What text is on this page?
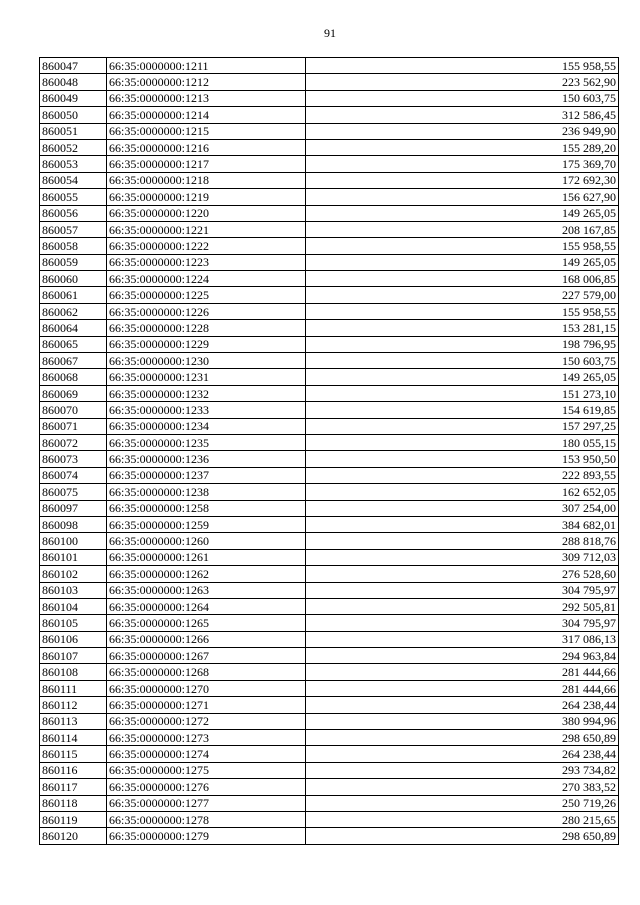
91
860047	66:35:0000000:1211	155 958,55
860048	66:35:0000000:1212	223 562,90
860049	66:35:0000000:1213	150 603,75
860050	66:35:0000000:1214	312 586,45
860051	66:35:0000000:1215	236 949,90
860052	66:35:0000000:1216	155 289,20
860053	66:35:0000000:1217	175 369,70
860054	66:35:0000000:1218	172 692,30
860055	66:35:0000000:1219	156 627,90
860056	66:35:0000000:1220	149 265,05
860057	66:35:0000000:1221	208 167,85
860058	66:35:0000000:1222	155 958,55
860059	66:35:0000000:1223	149 265,05
860060	66:35:0000000:1224	168 006,85
860061	66:35:0000000:1225	227 579,00
860062	66:35:0000000:1226	155 958,55
860064	66:35:0000000:1228	153 281,15
860065	66:35:0000000:1229	198 796,95
860067	66:35:0000000:1230	150 603,75
860068	66:35:0000000:1231	149 265,05
860069	66:35:0000000:1232	151 273,10
860070	66:35:0000000:1233	154 619,85
860071	66:35:0000000:1234	157 297,25
860072	66:35:0000000:1235	180 055,15
860073	66:35:0000000:1236	153 950,50
860074	66:35:0000000:1237	222 893,55
860075	66:35:0000000:1238	162 652,05
860097	66:35:0000000:1258	307 254,00
860098	66:35:0000000:1259	384 682,01
860100	66:35:0000000:1260	288 818,76
860101	66:35:0000000:1261	309 712,03
860102	66:35:0000000:1262	276 528,60
860103	66:35:0000000:1263	304 795,97
860104	66:35:0000000:1264	292 505,81
860105	66:35:0000000:1265	304 795,97
860106	66:35:0000000:1266	317 086,13
860107	66:35:0000000:1267	294 963,84
860108	66:35:0000000:1268	281 444,66
860111	66:35:0000000:1270	281 444,66
860112	66:35:0000000:1271	264 238,44
860113	66:35:0000000:1272	380 994,96
860114	66:35:0000000:1273	298 650,89
860115	66:35:0000000:1274	264 238,44
860116	66:35:0000000:1275	293 734,82
860117	66:35:0000000:1276	270 383,52
860118	66:35:0000000:1277	250 719,26
860119	66:35:0000000:1278	280 215,65
860120	66:35:0000000:1279	298 650,89
